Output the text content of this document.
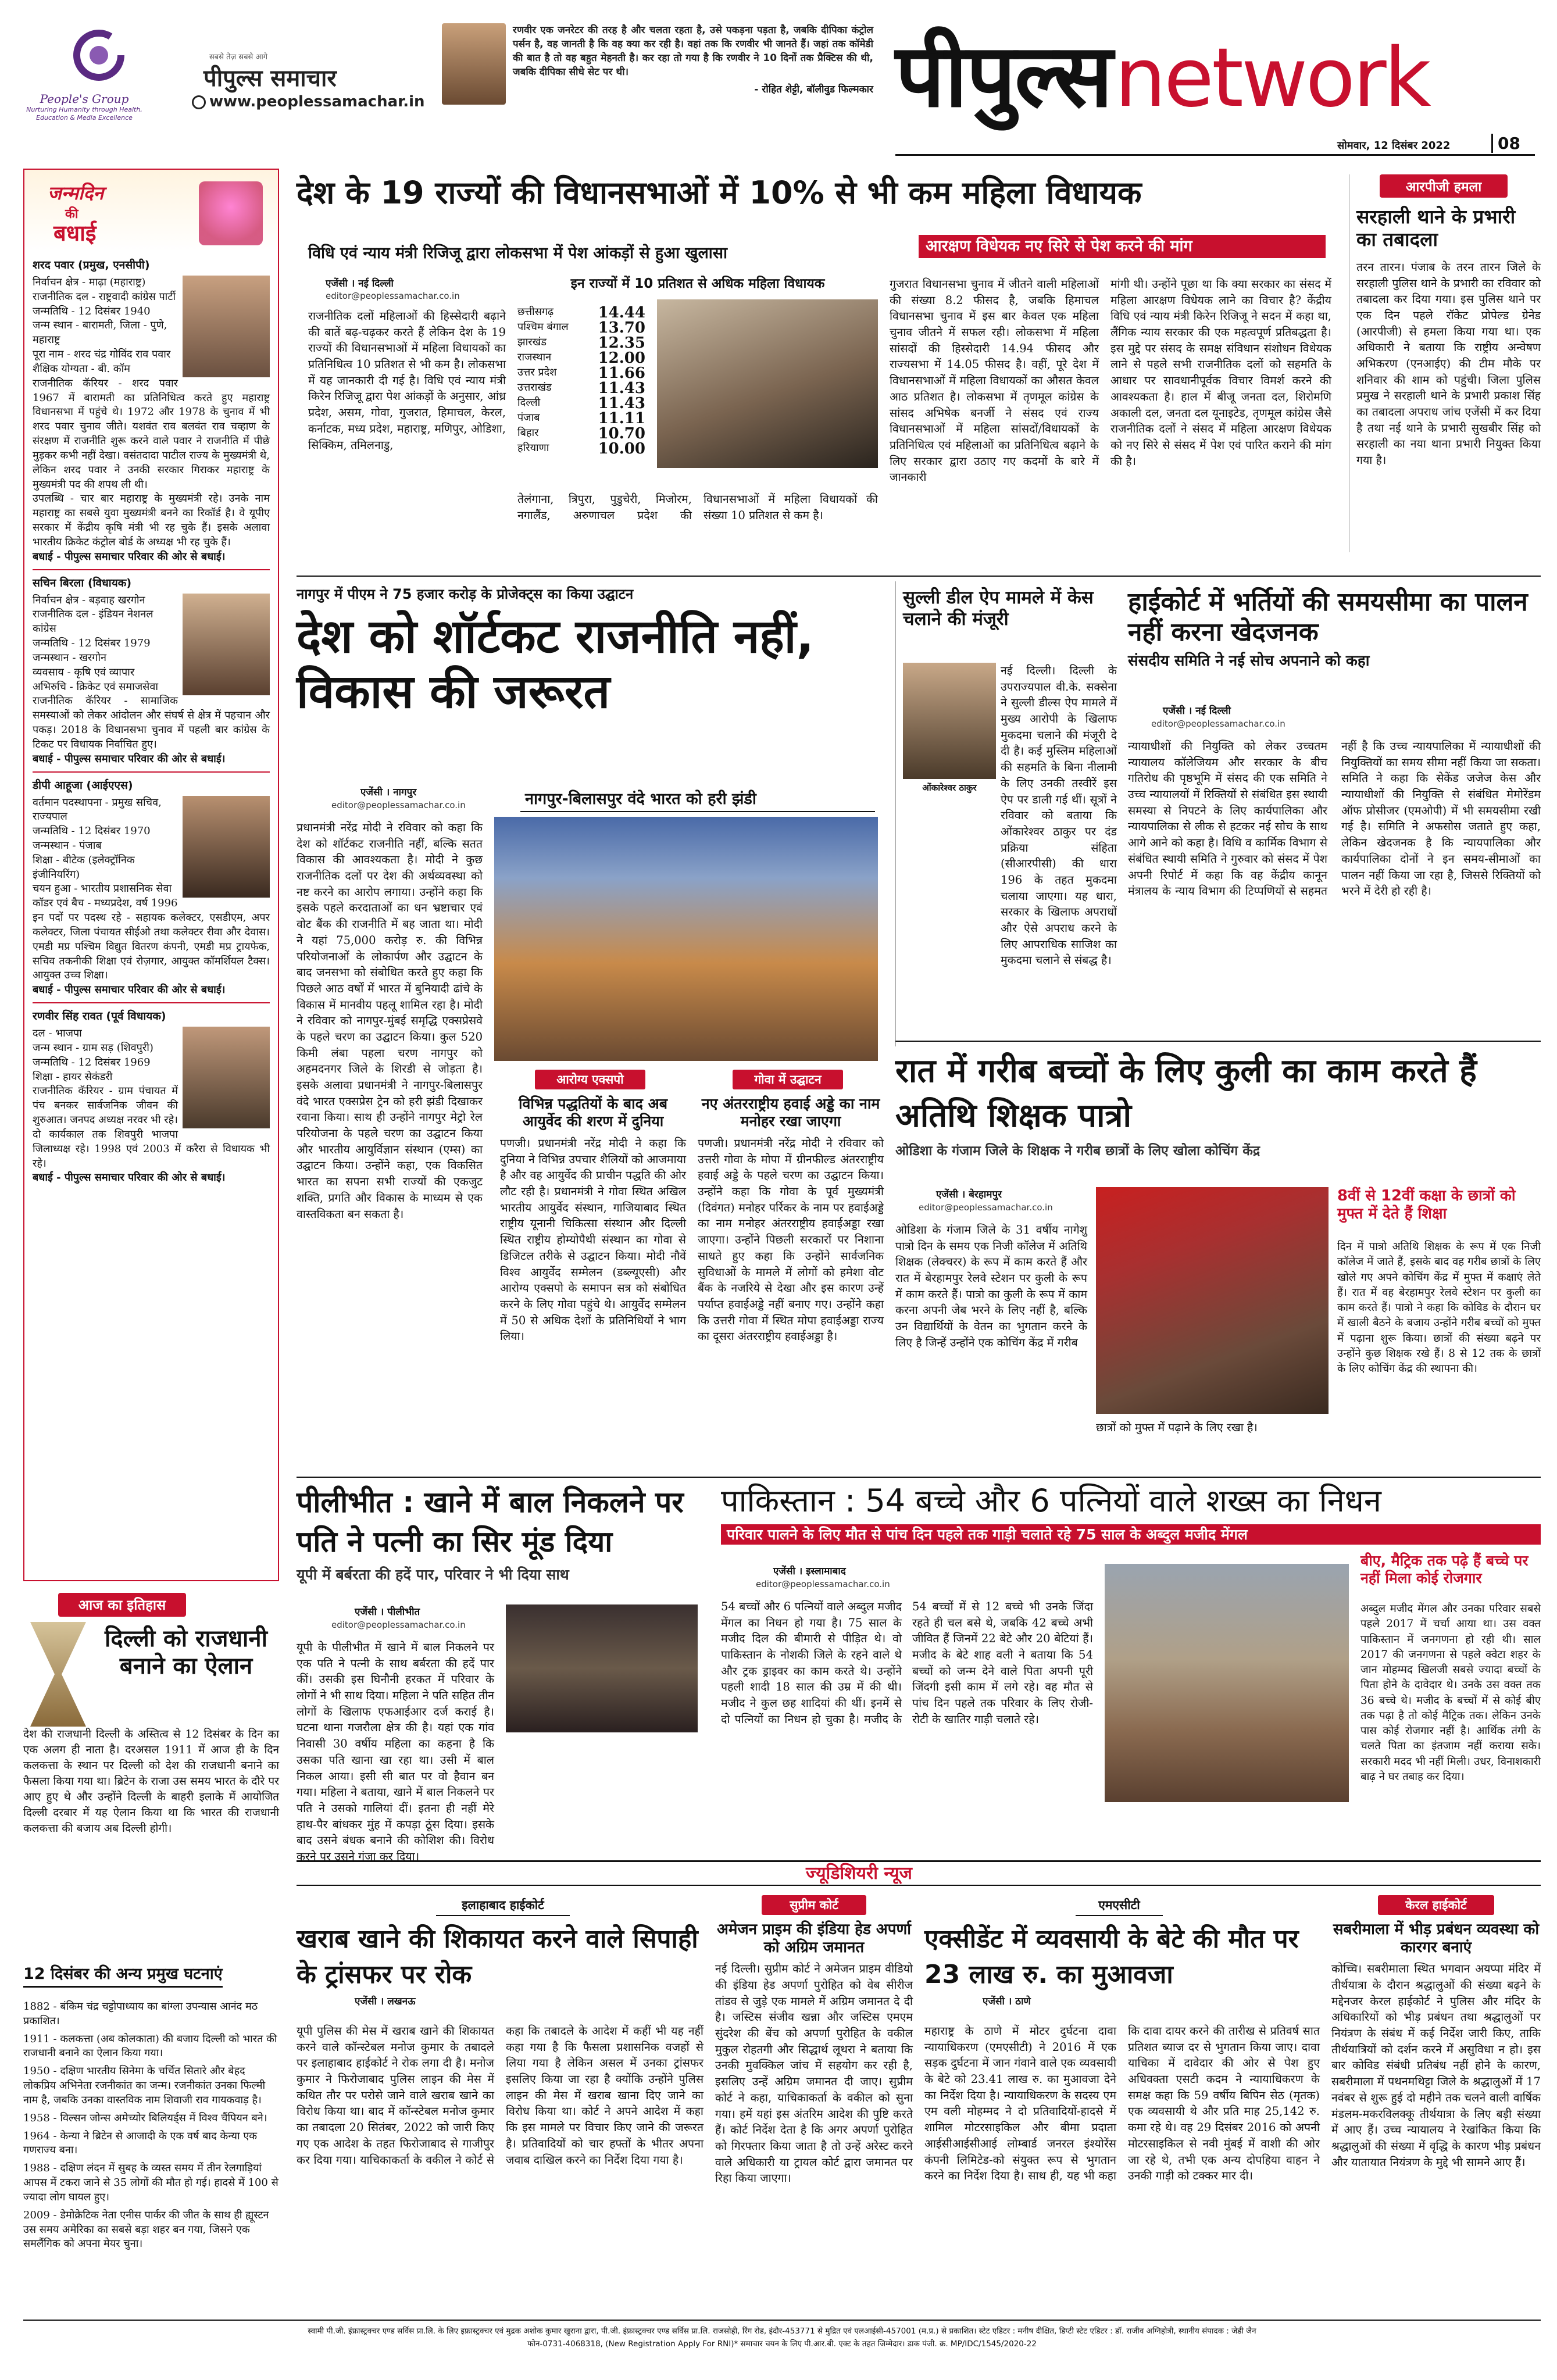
People's Group
Nurturing Humanity through Health, Education & Media Excellence
सबसे तेज़ सबसे आगे
पीपुल्स समाचार
www.peoplessamachar.in
रणवीर एक जनरेटर की तरह है और चलता रहता है, उसे पकड़ना पड़ता है, जबकि दीपिका कंट्रोल पर्सन है, वह जानती है कि वह क्या कर रही है। वहां तक कि रणवीर भी जानते हैं। जहां तक कॉमेडी की बात है तो वह बहुत मेहनती है। कर रहा तो गया है कि रणवीर ने 10 दिनों तक प्रैक्टिस की थी, जबकि दीपिका सीधे सेट पर थी।
- रोहित शेट्टी, बॉलीवुड फिल्मकार पीपुल्स network
सोमवार, 12 दिसंबर 2022	08
जन्मदिन
की
बधाई
शरद पवार (प्रमुख, एनसीपी)
निर्वाचन क्षेत्र - माढ़ा (महाराष्ट्र)
राजनीतिक दल - राष्ट्रवादी कांग्रेस पार्टी
जन्मतिथि - 12 दिसंबर 1940
जन्म स्थान - बारामती, जिला - पुणे, महाराष्ट्र
पूरा नाम - शरद चंद्र गोविंद राव पवार
शैक्षिक योग्यता - बी. कॉम
राजनीतिक कॅरियर - शरद पवार 1967 में बारामती का प्रतिनिधित्व करते हुए महाराष्ट्र विधानसभा में पहुंचे थे। 1972 और 1978 के चुनाव में भी शरद पवार चुनाव जीते। यशवंत राव बलवंत राव चव्हाण के संरक्षण में राजनीति शुरू करने वाले पवार ने राजनीति में पीछे मुड़कर कभी नहीं देखा। वसंतदादा पाटील राज्य के मुख्यमंत्री थे, लेकिन शरद पवार ने उनकी सरकार गिराकर महाराष्ट्र के मुख्यमंत्री पद की शपथ ली थी।
उपलब्धि - चार बार महाराष्ट्र के मुख्यमंत्री रहे। उनके नाम महाराष्ट्र का सबसे युवा मुख्यमंत्री बनने का रिकॉर्ड है। वे यूपीए सरकार में केंद्रीय कृषि मंत्री भी रह चुके हैं। इसके अलावा भारतीय क्रिकेट कंट्रोल बोर्ड के अध्यक्ष भी रह चुके हैं।
बधाई - पीपुल्स समाचार परिवार की ओर से बधाई।
सचिन बिरला (विधायक)
निर्वाचन क्षेत्र - बड़वाह खरगोन
राजनीतिक दल - इंडियन नेशनल कांग्रेस
जन्मतिथि - 12 दिसंबर 1979
जन्मस्थान - खरगोन
व्यवसाय - कृषि एवं व्यापार
अभिरुचि - क्रिकेट एवं समाजसेवा
राजनीतिक कॅरियर - सामाजिक समस्याओं को लेकर आंदोलन और संघर्ष से क्षेत्र में पहचान और पकड़। 2018 के विधानसभा चुनाव में पहली बार कांग्रेस के टिकट पर विधायक निर्वाचित हुए।
बधाई - पीपुल्स समाचार परिवार की ओर से बधाई।
डीपी आहूजा (आईएएस)
वर्तमान पदस्थापना - प्रमुख सचिव, राज्यपाल
जन्मतिथि - 12 दिसंबर 1970
जन्मस्थान - पंजाब
शिक्षा - बीटेक (इलेक्ट्रॉनिक इंजीनियरिंग)
चयन हुआ - भारतीय प्रशासनिक सेवा
कॉडर एवं बैच - मध्यप्रदेश, वर्ष 1996
इन पदों पर पदस्थ रहे - सहायक कलेक्टर, एसडीएम, अपर कलेक्टर, जिला पंचायत सीईओ तथा कलेक्टर रीवा और देवास। एमडी मप्र पश्चिम विद्युत वितरण कंपनी, एमडी मप्र ट्रायफेक, सचिव तकनीकी शिक्षा एवं रोज़गार, आयुक्त कॉमर्शियल टैक्स। आयुक्त उच्च शिक्षा।
बधाई - पीपुल्स समाचार परिवार की ओर से बधाई।
रणवीर सिंह रावत (पूर्व विधायक)
दल - भाजपा
जन्म स्थान - ग्राम सड़ (शिवपुरी)
जन्मतिथि - 12 दिसंबर 1969
शिक्षा - हायर सेकंडरी
राजनीतिक कॅरियर - ग्राम पंचायत में पंच बनकर सार्वजनिक जीवन की शुरुआत। जनपद अध्यक्ष नरवर भी रहे। दो कार्यकाल तक शिवपुरी भाजपा जिलाध्यक्ष रहे। 1998 एवं 2003 में करैरा से विधायक भी रहे।
बधाई - पीपुल्स समाचार परिवार की ओर से बधाई।
आज का इतिहास
दिल्ली को राजधानी बनाने का ऐलान
देश की राजधानी दिल्ली के अस्तित्व से 12 दिसंबर के दिन का एक अलग ही नाता है। दरअसल 1911 में आज ही के दिन कलकत्ता के स्थान पर दिल्ली को देश की राजधानी बनाने का फैसला किया गया था। ब्रिटेन के राजा उस समय भारत के दौरे पर आए हुए थे और उन्होंने दिल्ली के बाहरी इलाके में आयोजित दिल्ली दरबार में यह ऐलान किया था कि भारत की राजधानी कलकत्ता की बजाय अब दिल्ली होगी।
12 दिसंबर की अन्य प्रमुख घटनाएं
1882 - बंकिम चंद्र चट्टोपाध्याय का बांग्ला उपन्यास आनंद मठ प्रकाशित।
1911 - कलकत्ता (अब कोलकाता) की बजाय दिल्ली को भारत की राजधानी बनाने का ऐलान किया गया।
1950 - दक्षिण भारतीय सिनेमा के चर्चित सितारे और बेहद लोकप्रिय अभिनेता रजनीकांत का जन्म। रजनीकांत उनका फिल्मी नाम है, जबकि उनका वास्तविक नाम शिवाजी राव गायकवाड़ है।
1958 - विल्सन जोन्स अमेच्योर बिलियर्ड्स में विश्व चैंपियन बने।
1964 - केन्या ने ब्रिटेन से आजादी के एक वर्ष बाद केन्या एक गणराज्य बना।
1988 - दक्षिण लंदन में सुबह के व्यस्त समय में तीन रेलगाड़ियां आपस में टकरा जाने से 35 लोगों की मौत हो गई। हादसे में 100 से ज्यादा लोग घायल हुए।
2009 - डेमोक्रेटिक नेता एनीस पार्कर की जीत के साथ ही ह्यूस्टन उस समय अमेरिका का सबसे बड़ा शहर बन गया, जिसने एक समलैंगिक को अपना मेयर चुना।
देश के 19 राज्यों की विधानसभाओं में 10% से भी कम महिला विधायक
विधि एवं न्याय मंत्री रिजिजू द्वारा लोकसभा में पेश आंकड़ों से हुआ खुलासा	आरक्षण विधेयक नए सिरे से पेश करने की मांग
एजेंसी । नई दिल्ली
editor@peoplessamachar.co.in
राजनीतिक दलों महिलाओं की हिस्सेदारी बढ़ाने की बातें बढ़-चढ़कर करते हैं लेकिन देश के 19 राज्यों की विधानसभाओं में महिला विधायकों का प्रतिनिधित्व 10 प्रतिशत से भी कम है। लोकसभा में यह जानकारी दी गई है। विधि एवं न्याय मंत्री किरेन रिजिजू द्वारा पेश आंकड़ों के अनुसार, आंध्र प्रदेश, असम, गोवा, गुजरात, हिमाचल, केरल, कर्नाटक, मध्य प्रदेश, महाराष्ट्र, मणिपुर, ओडिशा, सिक्किम, तमिलनाडु,
इन राज्यों में 10 प्रतिशत से अधिक महिला विधायक
छत्तीसगढ़	14.44
पश्चिम बंगाल 13.70
झारखंड	12.35
राजस्थान	12.00
उत्तर प्रदेश	11.66
उत्तराखंड	11.43
दिल्ली	11.43
पंजाब	11.11
बिहार	10.70
हरियाणा	10.00
तेलंगाना, त्रिपुरा, पुडुचेरी, मिजोरम, नगालैंड, अरुणाचल प्रदेश की विधानसभाओं में महिला विधायकों की संख्या 10 प्रतिशत से कम है।
गुजरात विधानसभा चुनाव में जीतने वाली महिलाओं की संख्या 8.2 फीसद है, जबकि हिमाचल विधानसभा चुनाव में इस बार केवल एक महिला चुनाव जीतने में सफल रही। लोकसभा में महिला सांसदों की हिस्सेदारी 14.94 फीसद और राज्यसभा में 14.05 फीसद है। वहीं, पूरे देश में विधानसभाओं में महिला विधायकों का औसत केवल आठ प्रतिशत है। लोकसभा में तृणमूल कांग्रेस के सांसद अभिषेक बनर्जी ने संसद एवं राज्य विधानसभाओं में महिला सांसदों/विधायकों के प्रतिनिधित्व एवं महिलाओं का प्रतिनिधित्व बढ़ाने के लिए सरकार द्वारा उठाए गए कदमों के बारे में जानकारी
मांगी थी। उन्होंने पूछा था कि क्या सरकार का संसद में महिला आरक्षण विधेयक लाने का विचार है? केंद्रीय विधि एवं न्याय मंत्री किरेन रिजिजू ने सदन में कहा था, लैंगिक न्याय सरकार की एक महत्वपूर्ण प्रतिबद्धता है। इस मुद्दे पर संसद के समक्ष संविधान संशोधन विधेयक लाने से पहले सभी राजनीतिक दलों को सहमति के आधार पर सावधानीपूर्वक विचार विमर्श करने की आवश्यकता है। हाल में बीजू जनता दल, शिरोमणि अकाली दल, जनता दल यूनाइटेड, तृणमूल कांग्रेस जैसे राजनीतिक दलों ने संसद में महिला आरक्षण विधेयक को नए सिरे से संसद में पेश एवं पारित कराने की मांग की है।
आरपीजी हमला
सरहाली थाने के प्रभारी का तबादला
तरन तारन। पंजाब के तरन तारन जिले के सरहाली पुलिस थाने के प्रभारी का रविवार को तबादला कर दिया गया। इस पुलिस थाने पर एक दिन पहले रॉकेट प्रोपेल्ड ग्रेनेड (आरपीजी) से हमला किया गया था। एक अधिकारी ने बताया कि राष्ट्रीय अन्वेषण अभिकरण (एनआईए) की टीम मौके पर शनिवार की शाम को पहुंची। जिला पुलिस प्रमुख ने सरहाली थाने के प्रभारी प्रकाश सिंह का तबादला अपराध जांच एजेंसी में कर दिया है तथा नई थाने के प्रभारी सुखबीर सिंह को सरहाली का नया थाना प्रभारी नियुक्त किया गया है।
नागपुर में पीएम ने 75 हजार करोड़ के प्रोजेक्ट्स का किया उद्घाटन
देश को शॉर्टकट राजनीति नहीं, विकास की जरूरत
एजेंसी । नागपुर
editor@peoplessamachar.co.in
प्रधानमंत्री नरेंद्र मोदी ने रविवार को कहा कि देश को शॉर्टकट राजनीति नहीं, बल्कि सतत विकास की आवश्यकता है। मोदी ने कुछ राजनीतिक दलों पर देश की अर्थव्यवस्था को नष्ट करने का आरोप लगाया। उन्होंने कहा कि इसके पहले करदाताओं का धन भ्रष्टाचार एवं वोट बैंक की राजनीति में बह जाता था। मोदी ने यहां 75,000 करोड़ रु. की विभिन्न परियोजनाओं के लोकार्पण और उद्घाटन के बाद जनसभा को संबोधित करते हुए कहा कि पिछले आठ वर्षों में भारत में बुनियादी ढांचे के विकास में मानवीय पहलू शामिल रहा है। मोदी ने रविवार को नागपुर-मुंबई समृद्धि एक्सप्रेसवे के पहले चरण का उद्घाटन किया। कुल 520 किमी लंबा पहला चरण नागपुर को अहमदनगर जिले के शिरडी से जोड़ता है। इसके अलावा प्रधानमंत्री ने नागपुर-बिलासपुर वंदे भारत एक्सप्रेस ट्रेन को हरी झंडी दिखाकर रवाना किया। साथ ही उन्होंने नागपुर मेट्रो रेल परियोजना के पहले चरण का उद्घाटन किया और भारतीय आयुर्विज्ञान संस्थान (एम्स) का उद्घाटन किया। उन्होंने कहा, एक विकसित भारत का सपना सभी राज्यों की एकजुट शक्ति, प्रगति और विकास के माध्यम से एक वास्तविकता बन सकता है।
नागपुर-बिलासपुर वंदे भारत को हरी झंडी
आरोग्य एक्सपो
विभिन्न पद्धतियों के बाद अब आयुर्वेद की शरण में दुनिया
पणजी। प्रधानमंत्री नरेंद्र मोदी ने कहा कि दुनिया ने विभिन्न उपचार शैलियों को आजमाया है और वह आयुर्वेद की प्राचीन पद्धति की ओर लौट रही है। प्रधानमंत्री ने गोवा स्थित अखिल भारतीय आयुर्वेद संस्थान, गाजियाबाद स्थित राष्ट्रीय यूनानी चिकित्सा संस्थान और दिल्ली स्थित राष्ट्रीय होम्योपैथी संस्थान का गोवा से डिजिटल तरीके से उद्घाटन किया। मोदी नौवें विश्व आयुर्वेद सम्मेलन (डब्ल्यूएसी) और आरोग्य एक्सपो के समापन सत्र को संबोधित करने के लिए गोवा पहुंचे थे। आयुर्वेद सम्मेलन में 50 से अधिक देशों के प्रतिनिधियों ने भाग लिया।
गोवा में उद्घाटन
नए अंतरराष्ट्रीय हवाई अड्डे का नाम मनोहर रखा जाएगा
पणजी। प्रधानमंत्री नरेंद्र मोदी ने रविवार को उत्तरी गोवा के मोपा में ग्रीनफील्ड अंतरराष्ट्रीय हवाई अड्डे के पहले चरण का उद्घाटन किया। उन्होंने कहा कि गोवा के पूर्व मुख्यमंत्री (दिवंगत) मनोहर पर्रिकर के नाम पर हवाईअड्डे का नाम मनोहर अंतरराष्ट्रीय हवाईअड्डा रखा जाएगा। उन्होंने पिछली सरकारों पर निशाना साधते हुए कहा कि उन्होंने सार्वजनिक सुविधाओं के मामले में लोगों को हमेशा वोट बैंक के नजरिये से देखा और इस कारण उन्हें पर्याप्त हवाईअड्डे नहीं बनाए गए। उन्होंने कहा कि उत्तरी गोवा में स्थित मोपा हवाईअड्डा राज्य का दूसरा अंतरराष्ट्रीय हवाईअड्डा है।
सुल्ली डील ऐप मामले में केस चलाने की मंजूरी
ओंकारेश्वर ठाकुर
नई दिल्ली। दिल्ली के उपराज्यपाल वी.के. सक्सेना ने सुल्ली डील्स ऐप मामले में मुख्य आरोपी के खिलाफ मुकदमा चलाने की मंजूरी दे दी है। कई मुस्लिम महिलाओं की सहमति के बिना नीलामी के लिए उनकी तस्वीरें इस ऐप पर डाली गई थीं। सूत्रों ने रविवार को बताया कि ओंकारेश्वर ठाकुर पर दंड प्रक्रिया संहिता (सीआरपीसी) की धारा 196 के तहत मुकदमा चलाया जाएगा। यह धारा, सरकार के खिलाफ अपराधों और ऐसे अपराध करने के लिए आपराधिक साजिश का मुकदमा चलाने से संबद्ध है।
हाईकोर्ट में भर्तियों की समयसीमा का पालन नहीं करना खेदजनक
संसदीय समिति ने नई सोच अपनाने को कहा
एजेंसी । नई दिल्ली
editor@peoplessamachar.co.in
न्यायाधीशों की नियुक्ति को लेकर उच्चतम न्यायालय कॉलेजियम और सरकार के बीच गतिरोध की पृष्ठभूमि में संसद की एक समिति ने उच्च न्यायालयों में रिक्तियों से संबंधित इस स्थायी समस्या से निपटने के लिए कार्यपालिका और न्यायपालिका से लीक से हटकर नई सोच के साथ आगे आने को कहा है। विधि व कार्मिक विभाग से संबंधित स्थायी समिति ने गुरुवार को संसद में पेश अपनी रिपोर्ट में कहा कि वह केंद्रीय कानून मंत्रालय के न्याय विभाग की टिप्पणियों से सहमत नहीं है कि उच्च न्यायपालिका में न्यायाधीशों की नियुक्तियों का समय सीमा नहीं किया जा सकता। समिति ने कहा कि सेकेंड जजेज केस और न्यायाधीशों की नियुक्ति से संबंधित मेमोरेंडम ऑफ प्रोसीजर (एमओपी) में भी समयसीमा रखी गई है। समिति ने अफसोस जताते हुए कहा, लेकिन खेदजनक है कि न्यायपालिका और कार्यपालिका दोनों ने इन समय-सीमाओं का पालन नहीं किया जा रहा है, जिससे रिक्तियों को भरने में देरी हो रही है।
रात में गरीब बच्चों के लिए कुली का काम करते हैं अतिथि शिक्षक पात्रो
ओडिशा के गंजाम जिले के शिक्षक ने गरीब छात्रों के लिए खोला कोचिंग केंद्र
एजेंसी । बेरहामपुर
editor@peoplessamachar.co.in
ओडिशा के गंजाम जिले के 31 वर्षीय नागेशु पात्रो दिन के समय एक निजी कॉलेज में अतिथि शिक्षक (लेक्चरर) के रूप में काम करते हैं और रात में बेरहामपुर रेलवे स्टेशन पर कुली के रूप में काम करते हैं। पात्रो का कुली के रूप में काम करना अपनी जेब भरने के लिए नहीं है, बल्कि उन विद्यार्थियों के वेतन का भुगतान करने के लिए है जिन्हें उन्होंने एक कोचिंग केंद्र में गरीब
छात्रों को मुफ्त में पढ़ाने के लिए रखा है।
8वीं से 12वीं कक्षा के छात्रों को मुफ्त में देते हैं शिक्षा
दिन में पात्रो अतिथि शिक्षक के रूप में एक निजी कॉलेज में जाते हैं, इसके बाद वह गरीब छात्रों के लिए खोले गए अपने कोचिंग केंद्र में मुफ्त में कक्षाएं लेते हैं। रात में वह बेरहामपुर रेलवे स्टेशन पर कुली का काम करते हैं। पात्रो ने कहा कि कोविड के दौरान घर में खाली बैठने के बजाय उन्होंने गरीब बच्चों को मुफ्त में पढ़ाना शुरू किया। छात्रों की संख्या बढ़ने पर उन्होंने कुछ शिक्षक रखे हैं। 8 से 12 तक के छात्रों के लिए कोचिंग केंद्र की स्थापना की।
पीलीभीत : खाने में बाल निकलने पर पति ने पत्नी का सिर मूंड दिया
यूपी में बर्बरता की हदें पार, परिवार ने भी दिया साथ
एजेंसी । पीलीभीत
editor@peoplessamachar.co.in
यूपी के पीलीभीत में खाने में बाल निकलने पर एक पति ने पत्नी के साथ बर्बरता की हदें पार कीं। उसकी इस घिनौनी हरकत में परिवार के लोगों ने भी साथ दिया। महिला ने पति सहित तीन लोगों के खिलाफ एफआईआर दर्ज कराई है। घटना थाना गजरौला क्षेत्र की है। यहां एक गांव निवासी 30 वर्षीय महिला का कहना है कि उसका पति खाना खा रहा था। उसी में बाल निकल आया। इसी सी बात पर वो हैवान बन गया। महिला ने बताया, खाने में बाल निकलने पर पति ने उसको गालियां दीं। इतना ही नहीं मेरे हाथ-पैर बांधकर मुंह में कपड़ा ठूंस दिया। इसके बाद उसने बंधक बनाने की कोशिश की। विरोध करने पर उसने गंजा कर दिया।
पाकिस्तान : 54 बच्चे और 6 पत्नियों वाले शख्स का निधन
परिवार पालने के लिए मौत से पांच दिन पहले तक गाड़ी चलाते रहे 75 साल के अब्दुल मजीद मेंगल
एजेंसी । इस्लामाबाद
editor@peoplessamachar.co.in
54 बच्चों और 6 पत्नियों वाले अब्दुल मजीद मेंगल का निधन हो गया है। 75 साल के मजीद दिल की बीमारी से पीड़ित थे। वो पाकिस्तान के नोशकी जिले के रहने वाले थे और ट्रक ड्राइवर का काम करते थे। उन्होंने पहली शादी 18 साल की उम्र में की थी। मजीद ने कुल छह शादियां की थीं। इनमें से दो पत्नियों का निधन हो चुका है। मजीद के 54 बच्चों में से 12 बच्चे भी उनके जिंदा रहते ही चल बसे थे, जबकि 42 बच्चे अभी जीवित हैं जिनमें 22 बेटे और 20 बेटियां हैं। मजीद के बेटे शाह वली ने बताया कि 54 बच्चों को जन्म देने वाले पिता अपनी पूरी जिंदगी इसी काम में लगे रहे। वह मौत से पांच दिन पहले तक परिवार के लिए रोजी-रोटी के खातिर गाड़ी चलाते रहे।
बीए, मैट्रिक तक पढ़े हैं बच्चे पर नहीं मिला कोई रोजगार
अब्दुल मजीद मेंगल और उनका परिवार सबसे पहले 2017 में चर्चा आया था। उस वक्त पाकिस्तान में जनगणना हो रही थी। साल 2017 की जनगणना से पहले क्वेटा शहर के जान मोहम्मद खिलजी सबसे ज्यादा बच्चों के पिता होने के दावेदार थे। उनके उस वक्त तक 36 बच्चे थे। मजीद के बच्चों में से कोई बीए तक पढ़ा है तो कोई मैट्रिक तक। लेकिन उनके पास कोई रोजगार नहीं है। आर्थिक तंगी के चलते पिता का इंतजाम नहीं कराया सके। सरकारी मदद भी नहीं मिली। उधर, विनाशकारी बाढ़ ने घर तबाह कर दिया।
ज्यूडिशियरी न्यूज
इलाहाबाद हाईकोर्ट
खराब खाने की शिकायत करने वाले सिपाही के ट्रांसफर पर रोक
एजेंसी । लखनऊ
यूपी पुलिस की मेस में खराब खाने की शिकायत करने वाले कॉन्स्टेबल मनोज कुमार के तबादले पर इलाहाबाद हाईकोर्ट ने रोक लगा दी है। मनोज कुमार ने फिरोजाबाद पुलिस लाइन की मेस में कथित तौर पर परोसे जाने वाले खराब खाने का विरोध किया था। बाद में कॉन्स्टेबल मनोज कुमार का तबादला 20 सितंबर, 2022 को जारी किए गए एक आदेश के तहत फिरोजाबाद से गाजीपुर कर दिया गया। याचिकाकर्ता के वकील ने कोर्ट से कहा कि तबादले के आदेश में कहीं भी यह नहीं कहा गया है कि फैसला प्रशासनिक वजहों से लिया गया है लेकिन असल में उनका ट्रांसफर इसलिए किया जा रहा है क्योंकि उन्होंने पुलिस लाइन की मेस में खराब खाना दिए जाने का विरोध किया था। कोर्ट ने अपने आदेश में कहा कि इस मामले पर विचार किए जाने की जरूरत है। प्रतिवादियों को चार हफ्तों के भीतर अपना जवाब दाखिल करने का निर्देश दिया गया है।
सुप्रीम कोर्ट
अमेजन प्राइम की इंडिया हेड अपर्णा को अग्रिम जमानत
नई दिल्ली। सुप्रीम कोर्ट ने अमेजन प्राइम वीडियो की इंडिया हेड अपर्णा पुरोहित को वेब सीरीज तांडव से जुड़े एक मामले में अग्रिम जमानत दे दी है। जस्टिस संजीव खन्ना और जस्टिस एमएम सुंदरेश की बेंच को अपर्णा पुरोहित के वकील मुकुल रोहतगी और सिद्धार्थ लूथरा ने बताया कि उनकी मुवक्किल जांच में सहयोग कर रही है, इसलिए उन्हें अग्रिम जमानत दी जाए। सुप्रीम कोर्ट ने कहा, याचिकाकर्ता के वकील को सुना गया। हमें यहां इस अंतरिम आदेश की पुष्टि करते हैं। कोर्ट निर्देश देता है कि अगर अपर्णा पुरोहित को गिरफ्तार किया जाता है तो उन्हें अरेस्ट करने वाले अधिकारी या ट्रायल कोर्ट द्वारा जमानत पर रिहा किया जाएगा।
एमएसीटी
एक्सीडेंट में व्यवसायी के बेटे की मौत पर 23 लाख रु. का मुआवजा
एजेंसी । ठाणे
महाराष्ट्र के ठाणे में मोटर दुर्घटना दावा न्यायाधिकरण (एमएसीटी) ने 2016 में एक सड़क दुर्घटना में जान गंवाने वाले एक व्यवसायी के बेटे को 23.41 लाख रु. का मुआवजा देने का निर्देश दिया है। न्यायाधिकरण के सदस्य एम एम वली मोहम्मद ने दो प्रतिवादियों-हादसे में शामिल मोटरसाइकिल और बीमा प्रदाता आईसीआईसीआई लोम्बार्ड जनरल इंश्योरेंस कंपनी लिमिटेड-को संयुक्त रूप से भुगतान करने का निर्देश दिया है। साथ ही, यह भी कहा कि दावा दायर करने की तारीख से प्रतिवर्ष सात प्रतिशत ब्याज दर से भुगतान किया जाए। दावा याचिका में दावेदार की ओर से पेश हुए अधिवक्ता एसटी कदम ने न्यायाधिकरण के समक्ष कहा कि 59 वर्षीय बिपिन सेठ (मृतक) एक व्यवसायी थे और प्रति माह 25,142 रु. कमा रहे थे। वह 29 दिसंबर 2016 को अपनी मोटरसाइकिल से नवी मुंबई में वाशी की ओर जा रहे थे, तभी एक अन्य दोपहिया वाहन ने उनकी गाड़ी को टक्कर मार दी।
केरल हाईकोर्ट
सबरीमाला में भीड़ प्रबंधन व्यवस्था को कारगर बनाएं
कोच्चि। सबरीमाला स्थित भगवान अयप्पा मंदिर में तीर्थयात्रा के दौरान श्रद्धालुओं की संख्या बढ़ने के मद्देनजर केरल हाईकोर्ट ने पुलिस और मंदिर के अधिकारियों को भीड़ प्रबंधन तथा श्रद्धालुओं पर नियंत्रण के संबंध में कई निर्देश जारी किए, ताकि तीर्थयात्रियों को दर्शन करने में असुविधा न हो। इस बार कोविड संबंधी प्रतिबंध नहीं होने के कारण, सबरीमाला में पथनमथिट्टा जिले के श्रद्धालुओं में 17 नवंबर से शुरू हुई दो महीने तक चलने वाली वार्षिक मंडलम-मकरविलक्कू तीर्थयात्रा के लिए बड़ी संख्या में आए हैं। उच्च न्यायालय ने रेखांकित किया कि श्रद्धालुओं की संख्या में वृद्धि के कारण भीड़ प्रबंधन और यातायात नियंत्रण के मुद्दे भी सामने आए हैं।
स्वामी पी.जी. इंफ्रास्ट्रक्चर एण्ड सर्विस प्रा.लि. के लिए इफ्रास्ट्रक्चर एवं मुद्रक अशोक कुमार खुराना द्वारा, पी.जी. इंफ्रास्ट्रक्चर एण्ड सर्विस प्रा.लि. राजसोही, रिंग रोड, इंदौर-453771 से मुद्रित एवं एलआईसी-457001 (म.प्र.) से प्रकाशित। स्टेट एडिटर : मनीष दीक्षित, डिप्टी स्टेट एडिटर : डॉ. राजीव अग्निहोत्री, स्थानीय संपादक : जेडी जैन
फोन-0731-4068318, (New Registration Apply For RNI)* समाचार चयन के लिए पी.आर.बी. एक्ट के तहत जिम्मेदार। डाक पंजी. क्र. MP/IDC/1545/2020-22
